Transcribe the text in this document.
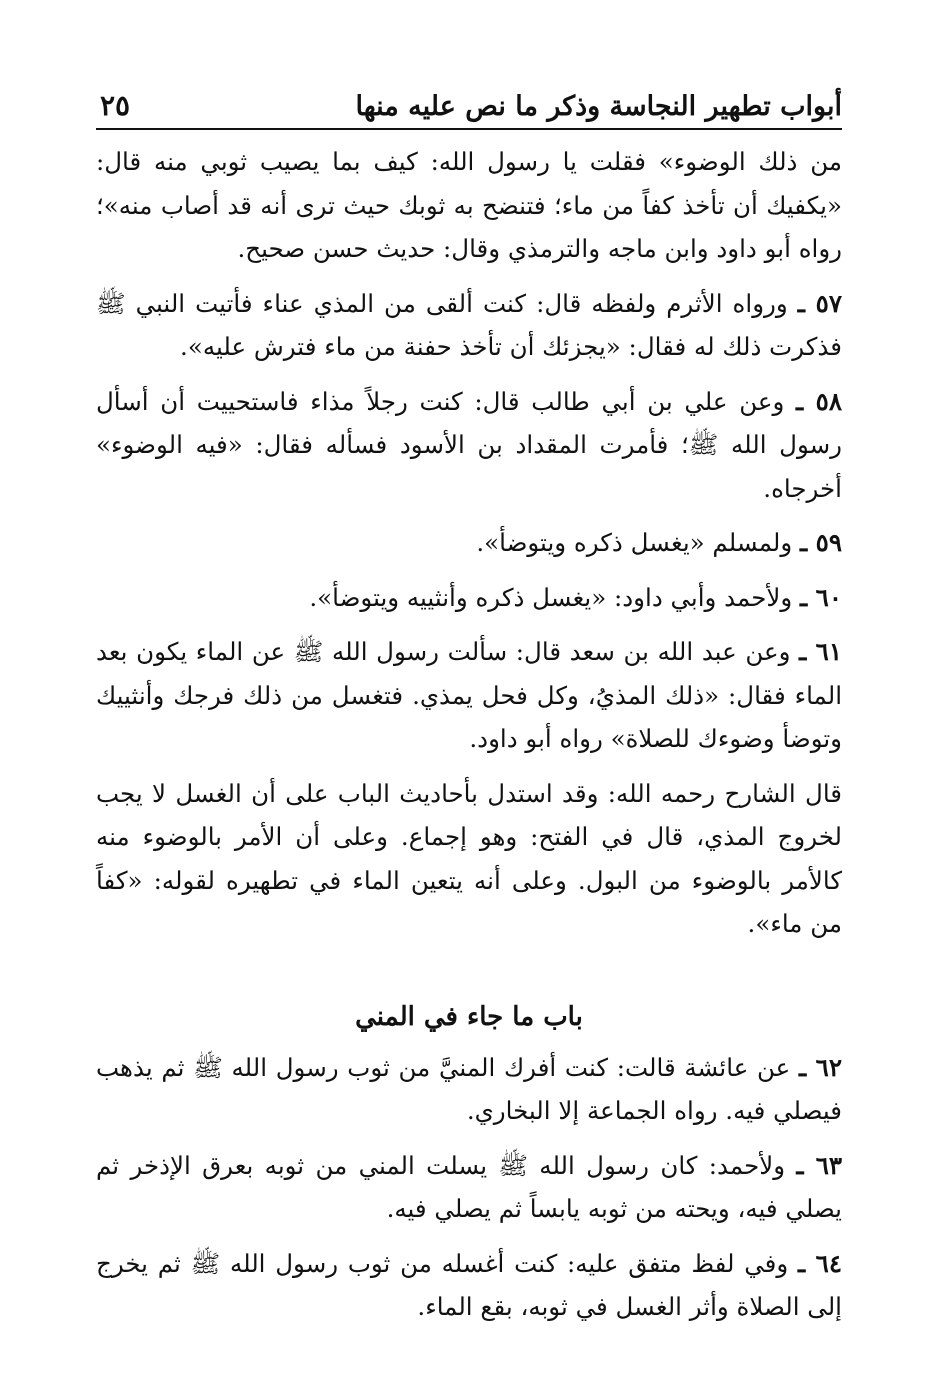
أبواب تطهير النجاسة وذكر ما نص عليه منها
٢٥

من ذلك الوضوء» فقلت يا رسول الله: كيف بما يصيب ثوبي منه قال: «يكفيك أن تأخذ كفاً من ماء؛ فتنضح به ثوبك حيث ترى أنه قد أصاب منه»؛ رواه أبو داود وابن ماجه والترمذي وقال: حديث حسن صحيح.

٥٧ ـ ورواه الأثرم ولفظه قال: كنت ألقى من المذي عناء فأتيت النبي ﷺ فذكرت ذلك له فقال: «يجزئك أن تأخذ حفنة من ماء فترش عليه».

٥٨ ـ وعن علي بن أبي طالب قال: كنت رجلاً مذاء فاستحييت أن أسأل رسول الله ﷺ؛ فأمرت المقداد بن الأسود فسأله فقال: «فيه الوضوء» أخرجاه.

٥٩ ـ ولمسلم «يغسل ذكره ويتوضأ».

٦٠ ـ ولأحمد وأبي داود: «يغسل ذكره وأنثييه ويتوضأ».

٦١ ـ وعن عبد الله بن سعد قال: سألت رسول الله ﷺ عن الماء يكون بعد الماء فقال: «ذلك المذيُ، وكل فحل يمذي. فتغسل من ذلك فرجك وأنثييك وتوضأ وضوءك للصلاة» رواه أبو داود.

قال الشارح رحمه الله: وقد استدل بأحاديث الباب على أن الغسل لا يجب لخروج المذي، قال في الفتح: وهو إجماع. وعلى أن الأمر بالوضوء منه كالأمر بالوضوء من البول. وعلى أنه يتعين الماء في تطهيره لقوله: «كفاً من ماء».

باب ما جاء في المني

٦٢ ـ عن عائشة قالت: كنت أفرك المنيَّ من ثوب رسول الله ﷺ ثم يذهب فيصلي فيه. رواه الجماعة إلا البخاري.

٦٣ ـ ولأحمد: كان رسول الله ﷺ يسلت المني من ثوبه بعرق الإذخر ثم يصلي فيه، ويحته من ثوبه يابساً ثم يصلي فيه.

٦٤ ـ وفي لفظ متفق عليه: كنت أغسله من ثوب رسول الله ﷺ ثم يخرج إلى الصلاة وأثر الغسل في ثوبه، بقع الماء.
